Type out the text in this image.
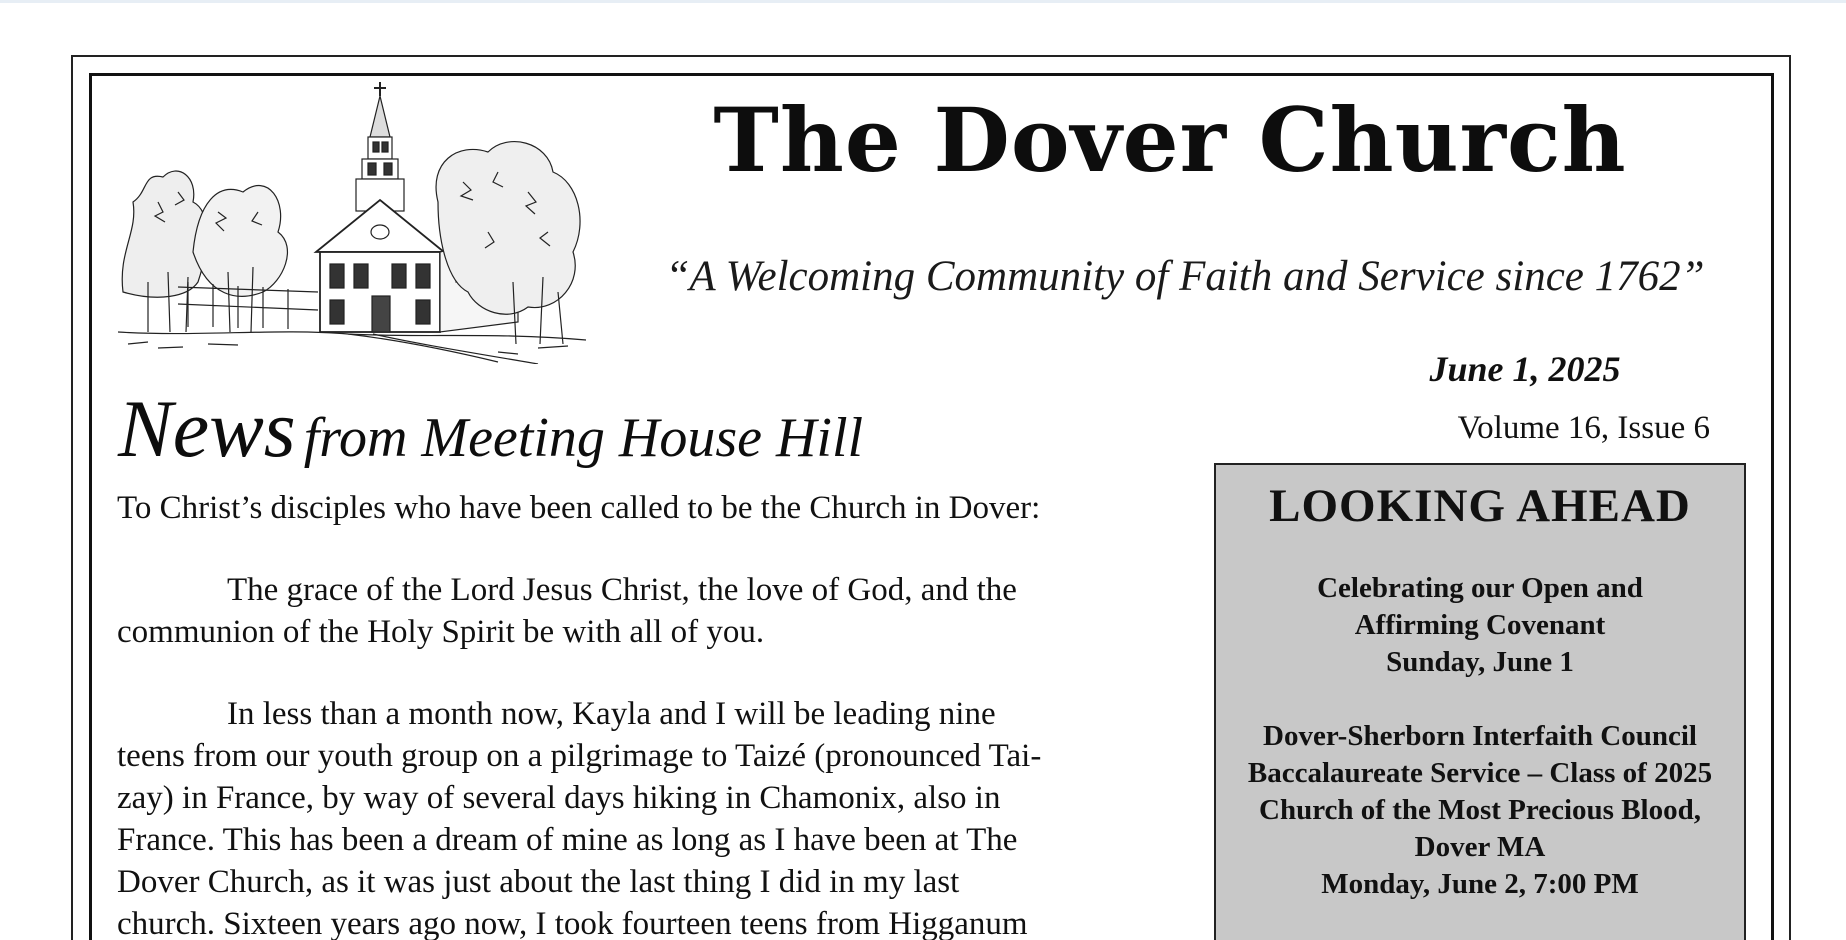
The Dover Church
“A Welcoming Community of Faith and Service since 1762”
June 1, 2025
Volume 16, Issue 6
News from Meeting House Hill

To Christ’s disciples who have been called to be the Church in Dover:

The grace of the Lord Jesus Christ, the love of God, and the

communion of the Holy Spirit be with all of you.

In less than a month now, Kayla and I will be leading nine

teens from our youth group on a pilgrimage to Taizé (pronounced Tai-

zay) in France, by way of several days hiking in Chamonix, also in

France. This has been a dream of mine as long as I have been at The

Dover Church, as it was just about the last thing I did in my last

church. Sixteen years ago now, I took fourteen teens from Higganum

LOOKING AHEAD
Celebrating our Open and
Affirming Covenant
Sunday, June 1
Dover-Sherborn Interfaith Council
Baccalaureate Service – Class of 2025
Church of the Most Precious Blood,
Dover MA
Monday, June 2, 7:00 PM
